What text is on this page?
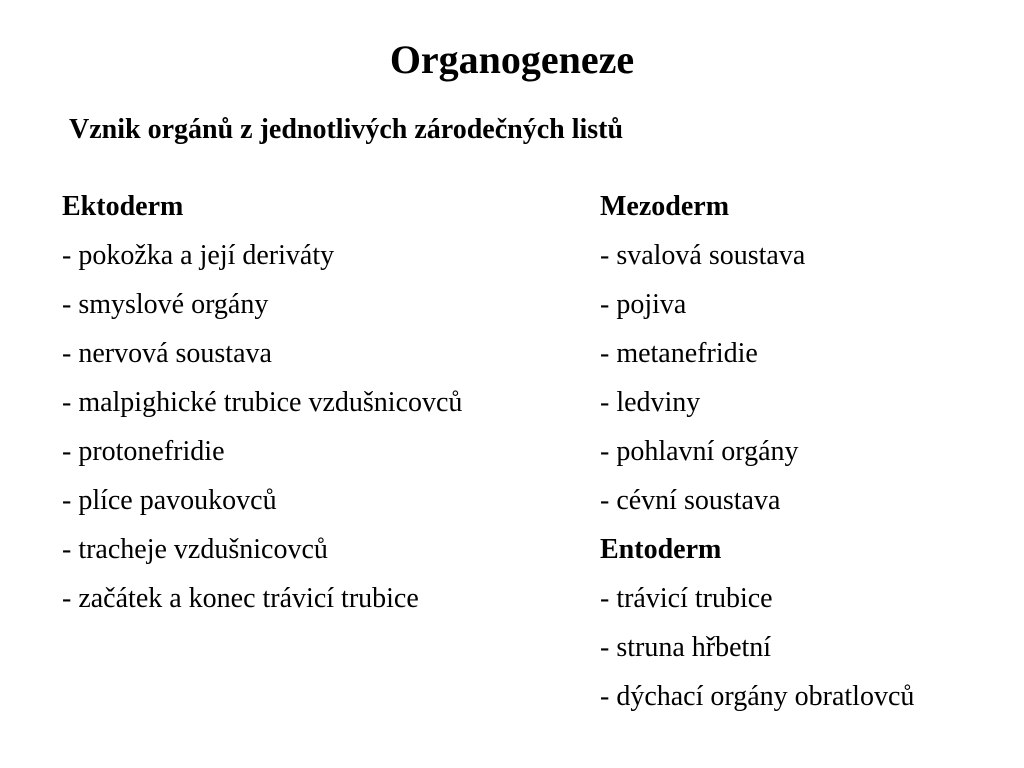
Organogeneze
Vznik orgánů z jednotlivých zárodečných listů
Ektoderm
- pokožka a její deriváty
- smyslové orgány
- nervová soustava
- malpighické trubice vzdušnicovců
- protonefridie
- plíce pavoukovců
- tracheje vzdušnicovců
- začátek a konec trávicí trubice
Mezoderm
- svalová soustava
- pojiva
- metanefridie
- ledviny
- pohlavní orgány
- cévní soustava
Entoderm
- trávicí trubice
- struna hřbetní
- dýchací orgány obratlovců
